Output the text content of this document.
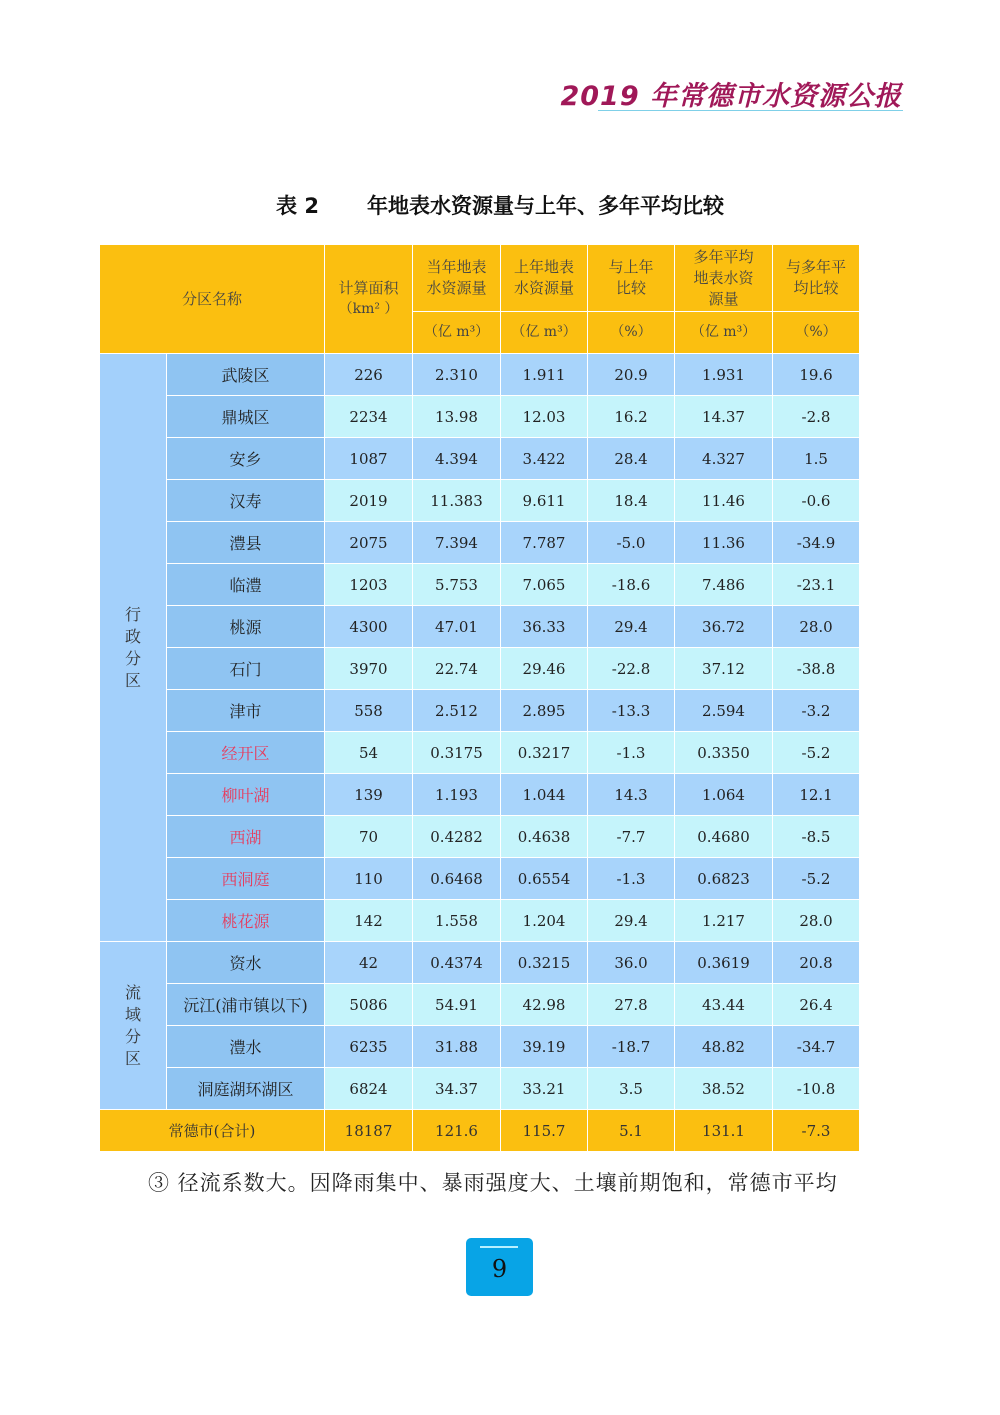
2019 年常德市水资源公报
表 2 年地表水资源量与上年、多年平均比较
分区名称		计算面积
（km² ）	当年地表水资源量	上年地表水资源量	与上年比较	多年平均地表水资源量	与多年平均比较

			（亿 m³）	（亿 m³）	（%）	（亿 m³）	（%）

行政分区	武陵区	226	2.310	1.911	20.9	1.931	19.6
	鼎城区	2234	13.98	12.03	16.2	14.37	-2.8
	安乡	1087	4.394	3.422	28.4	4.327	1.5
	汉寿	2019	11.383	9.611	18.4	11.46	-0.6
	澧县	2075	7.394	7.787	-5.0	11.36	-34.9
	临澧	1203	5.753	7.065	-18.6	7.486	-23.1
	桃源	4300	47.01	36.33	29.4	36.72	28.0
	石门	3970	22.74	29.46	-22.8	37.12	-38.8
	津市	558	2.512	2.895	-13.3	2.594	-3.2
	经开区	54	0.3175	0.3217	-1.3	0.3350	-5.2
	柳叶湖	139	1.193	1.044	14.3	1.064	12.1
	西湖	70	0.4282	0.4638	-7.7	0.4680	-8.5
	西洞庭	110	0.6468	0.6554	-1.3	0.6823	-5.2
	桃花源	142	1.558	1.204	29.4	1.217	28.0

流域分区	资水	42	0.4374	0.3215	36.0	0.3619	20.8
	沅江(浦市镇以下)	5086	54.91	42.98	27.8	43.44	26.4
	澧水	6235	31.88	39.19	-18.7	48.82	-34.7
	洞庭湖环湖区	6824	34.37	33.21	3.5	38.52	-10.8
常德市(合计)		18187	121.6	115.7	5.1	131.1	-7.3
③ 径流系数大。因降雨集中、暴雨强度大、土壤前期饱和，常德市平均
9
